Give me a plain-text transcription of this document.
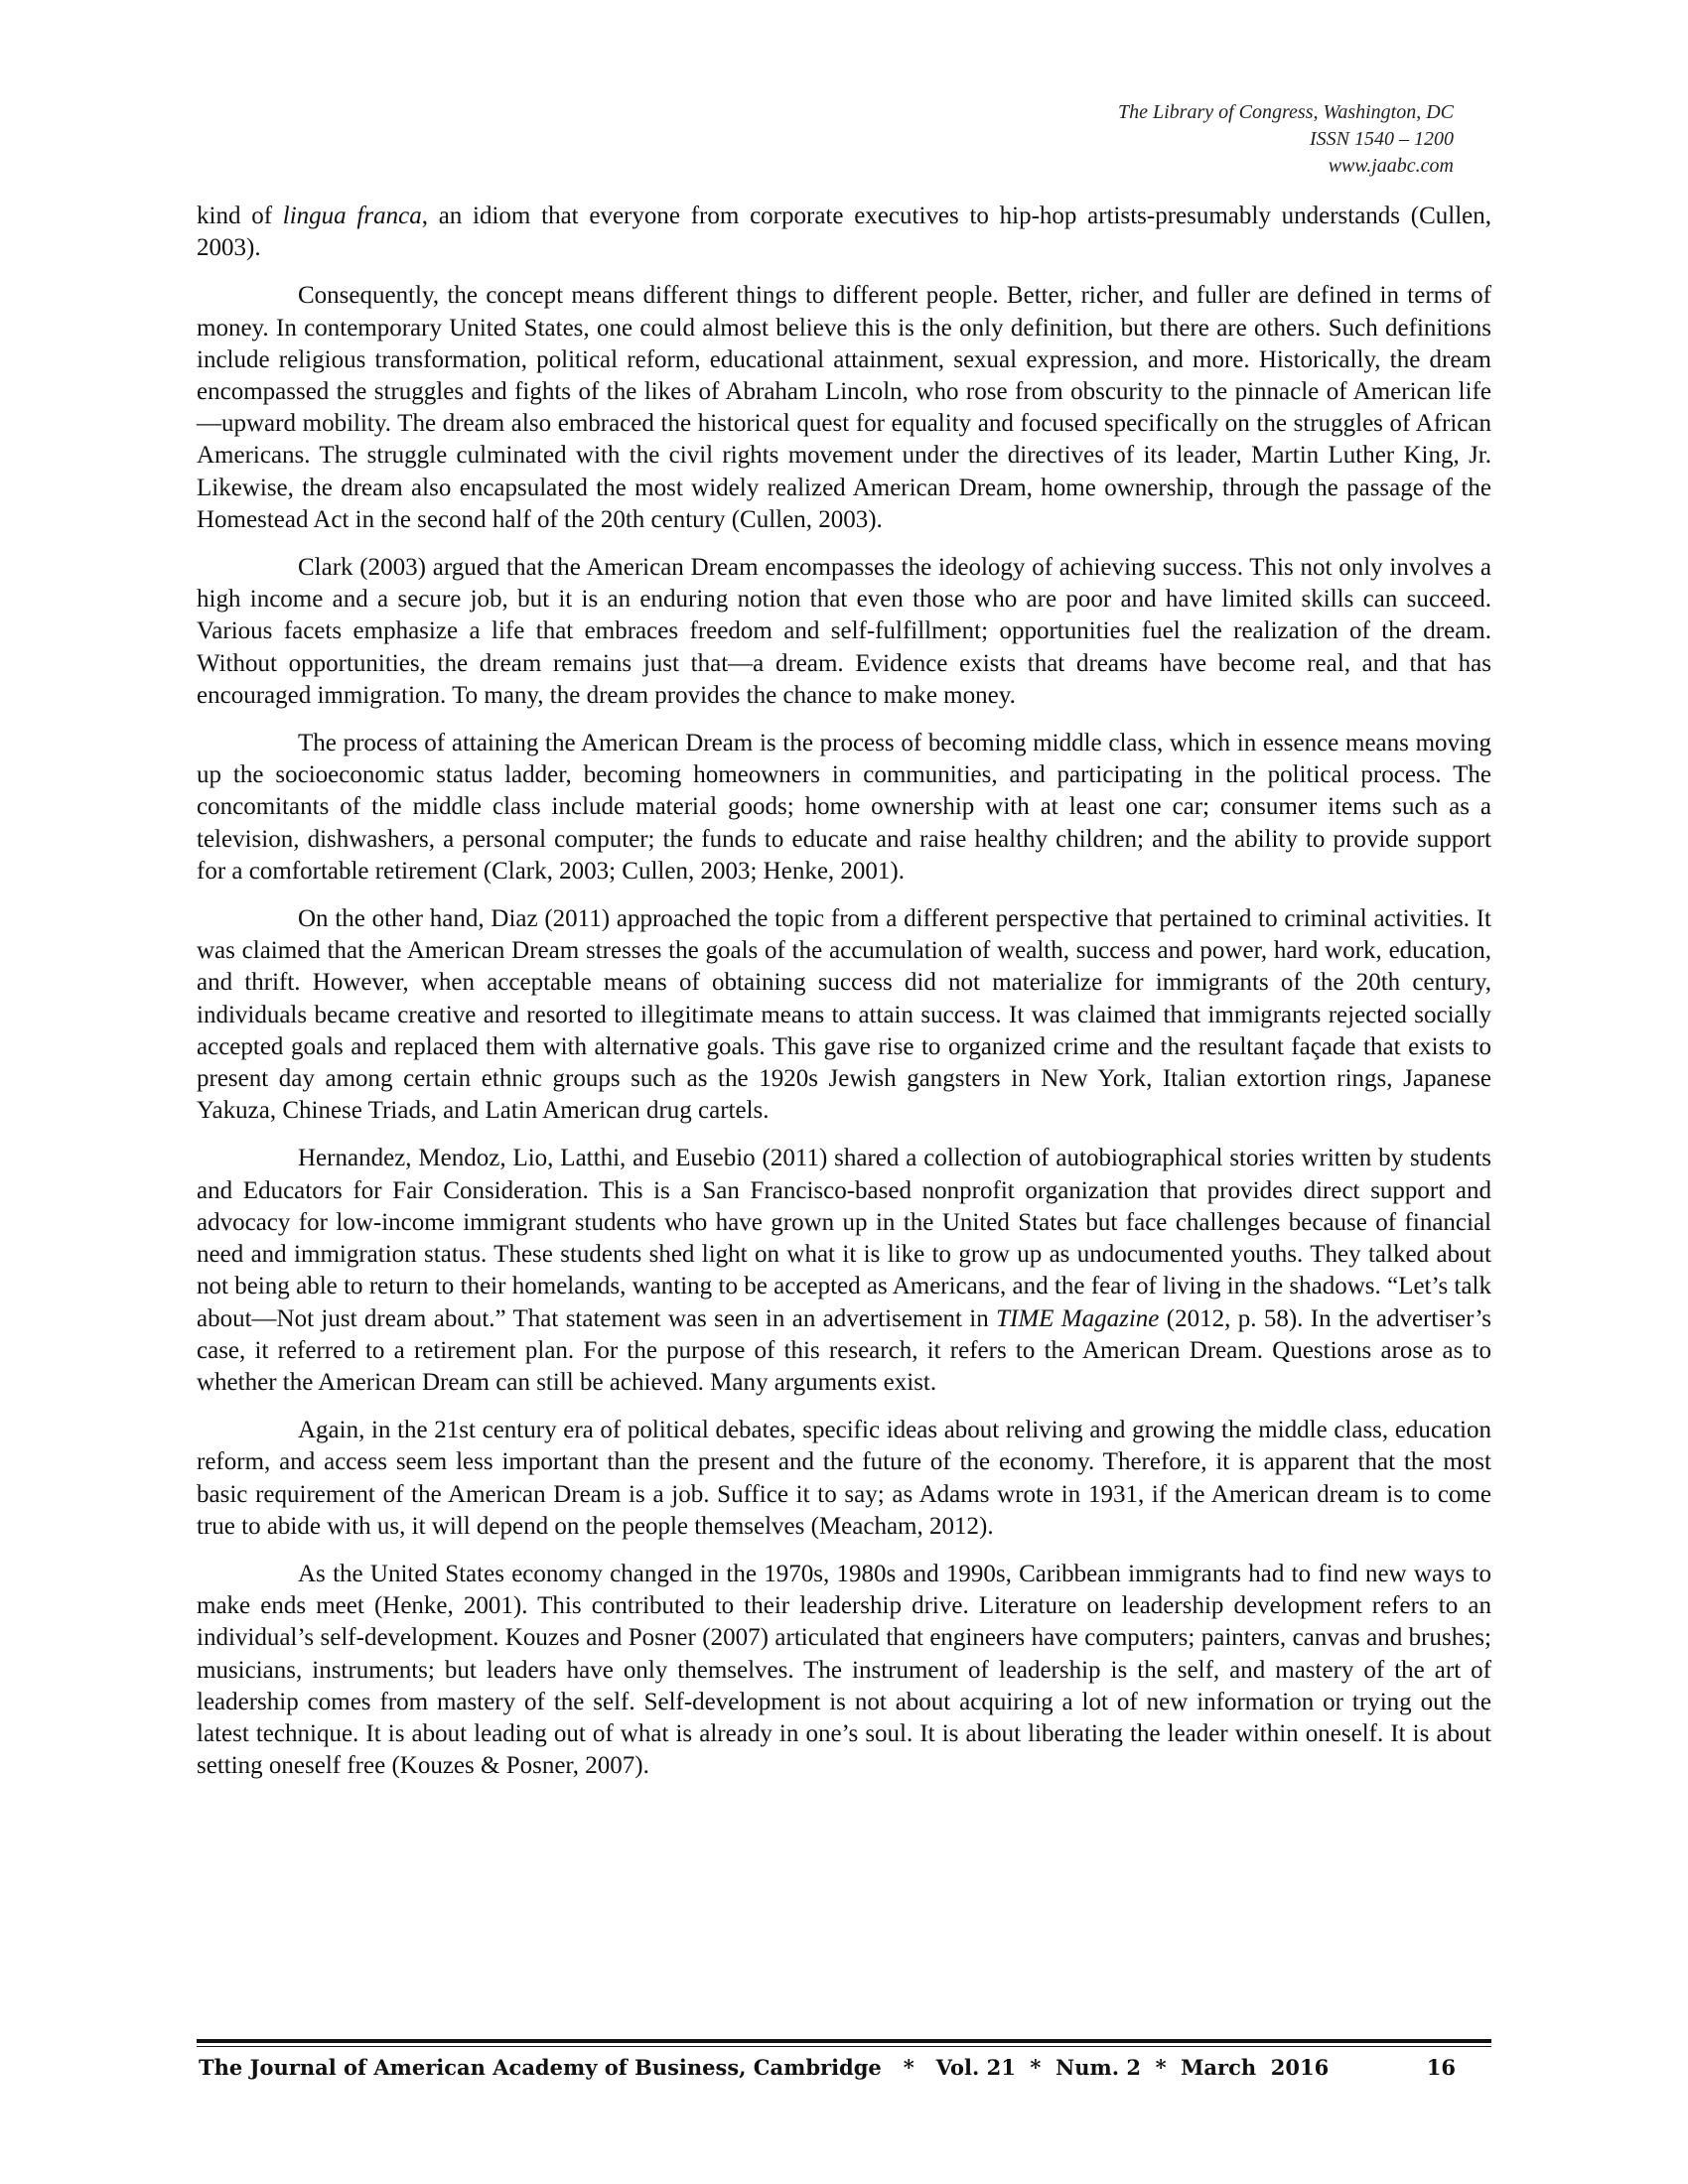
The Library of Congress, Washington, DC
ISSN 1540 – 1200
www.jaabc.com

kind of lingua franca, an idiom that everyone from corporate executives to hip-hop artists-presumably understands (Cullen, 2003).

Consequently, the concept means different things to different people. Better, richer, and fuller are defined in terms of money. In contemporary United States, one could almost believe this is the only definition, but there are others. Such definitions include religious transformation, political reform, educational attainment, sexual expression, and more. Historically, the dream encompassed the struggles and fights of the likes of Abraham Lincoln, who rose from obscurity to the pinnacle of American life—upward mobility. The dream also embraced the historical quest for equality and focused specifically on the struggles of African Americans. The struggle culminated with the civil rights movement under the directives of its leader, Martin Luther King, Jr. Likewise, the dream also encapsulated the most widely realized American Dream, home ownership, through the passage of the Homestead Act in the second half of the 20th century (Cullen, 2003).

Clark (2003) argued that the American Dream encompasses the ideology of achieving success. This not only involves a high income and a secure job, but it is an enduring notion that even those who are poor and have limited skills can succeed. Various facets emphasize a life that embraces freedom and self-fulfillment; opportunities fuel the realization of the dream. Without opportunities, the dream remains just that—a dream. Evidence exists that dreams have become real, and that has encouraged immigration. To many, the dream provides the chance to make money.

The process of attaining the American Dream is the process of becoming middle class, which in essence means moving up the socioeconomic status ladder, becoming homeowners in communities, and participating in the political process. The concomitants of the middle class include material goods; home ownership with at least one car; consumer items such as a television, dishwashers, a personal computer; the funds to educate and raise healthy children; and the ability to provide support for a comfortable retirement (Clark, 2003; Cullen, 2003; Henke, 2001).

On the other hand, Diaz (2011) approached the topic from a different perspective that pertained to criminal activities. It was claimed that the American Dream stresses the goals of the accumulation of wealth, success and power, hard work, education, and thrift. However, when acceptable means of obtaining success did not materialize for immigrants of the 20th century, individuals became creative and resorted to illegitimate means to attain success. It was claimed that immigrants rejected socially accepted goals and replaced them with alternative goals. This gave rise to organized crime and the resultant façade that exists to present day among certain ethnic groups such as the 1920s Jewish gangsters in New York, Italian extortion rings, Japanese Yakuza, Chinese Triads, and Latin American drug cartels.

Hernandez, Mendoz, Lio, Latthi, and Eusebio (2011) shared a collection of autobiographical stories written by students and Educators for Fair Consideration. This is a San Francisco-based nonprofit organization that provides direct support and advocacy for low-income immigrant students who have grown up in the United States but face challenges because of financial need and immigration status. These students shed light on what it is like to grow up as undocumented youths. They talked about not being able to return to their homelands, wanting to be accepted as Americans, and the fear of living in the shadows. “Let’s talk about—Not just dream about.” That statement was seen in an advertisement in TIME Magazine (2012, p. 58). In the advertiser’s case, it referred to a retirement plan. For the purpose of this research, it refers to the American Dream. Questions arose as to whether the American Dream can still be achieved. Many arguments exist.

Again, in the 21st century era of political debates, specific ideas about reliving and growing the middle class, education reform, and access seem less important than the present and the future of the economy. Therefore, it is apparent that the most basic requirement of the American Dream is a job. Suffice it to say; as Adams wrote in 1931, if the American dream is to come true to abide with us, it will depend on the people themselves (Meacham, 2012).

As the United States economy changed in the 1970s, 1980s and 1990s, Caribbean immigrants had to find new ways to make ends meet (Henke, 2001). This contributed to their leadership drive. Literature on leadership development refers to an individual’s self-development. Kouzes and Posner (2007) articulated that engineers have computers; painters, canvas and brushes; musicians, instruments; but leaders have only themselves. The instrument of leadership is the self, and mastery of the art of leadership comes from mastery of the self. Self-development is not about acquiring a lot of new information or trying out the latest technique. It is about leading out of what is already in one’s soul. It is about liberating the leader within oneself. It is about setting oneself free (Kouzes & Posner, 2007).

The Journal of American Academy of Business, Cambridge   *   Vol. 21  *  Num. 2  *  March  2016	16
